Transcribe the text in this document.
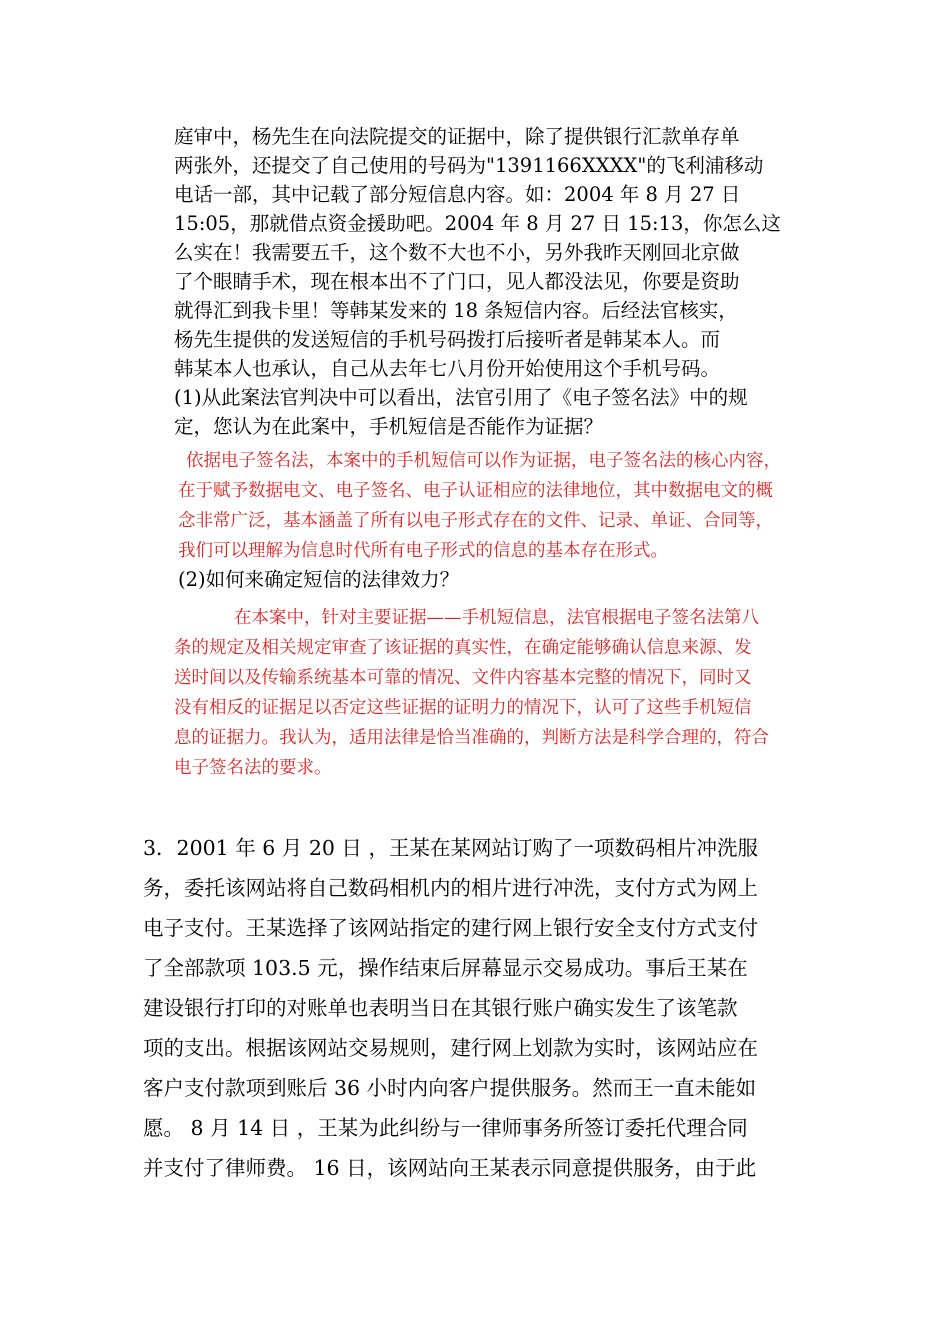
庭审中，杨先生在向法院提交的证据中，除了提供银行汇款单存单
两张外，还提交了自己使用的号码为"1391166XXXX"的飞利浦移动
电话一部，其中记载了部分短信息内容。如：2004 年 8 月 27 日
15:05，那就借点资金援助吧。2004 年 8 月 27 日 15:13，你怎么这
么实在！我需要五千，这个数不大也不小，另外我昨天刚回北京做
了个眼睛手术，现在根本出不了门口，见人都没法见，你要是资助
就得汇到我卡里！等韩某发来的 18 条短信内容。后经法官核实，
杨先生提供的发送短信的手机号码拨打后接听者是韩某本人。而
韩某本人也承认，自己从去年七八月份开始使用这个手机号码。
(1)从此案法官判决中可以看出，法官引用了《电子签名法》中的规
定，您认为在此案中，手机短信是否能作为证据？
依据电子签名法，本案中的手机短信可以作为证据，电子签名法的核心内容，
在于赋予数据电文、电子签名、电子认证相应的法律地位，其中数据电文的概
念非常广泛，基本涵盖了所有以电子形式存在的文件、记录、单证、合同等，
我们可以理解为信息时代所有电子形式的信息的基本存在形式。
(2)如何来确定短信的法律效力？
在本案中，针对主要证据——手机短信息，法官根据电子签名法第八
条的规定及相关规定审查了该证据的真实性，在确定能够确认信息来源、发
送时间以及传输系统基本可靠的情况、文件内容基本完整的情况下，同时又
没有相反的证据足以否定这些证据的证明力的情况下，认可了这些手机短信
息的证据力。我认为，适用法律是恰当准确的，判断方法是科学合理的，符合
电子签名法的要求。
3．2001 年 6 月 20 日 ，王某在某网站订购了一项数码相片冲洗服
务，委托该网站将自己数码相机内的相片进行冲洗，支付方式为网上
电子支付。王某选择了该网站指定的建行网上银行安全支付方式支付
了全部款项 103.5 元，操作结束后屏幕显示交易成功。事后王某在
建设银行打印的对账单也表明当日在其银行账户确实发生了该笔款
项的支出。根据该网站交易规则，建行网上划款为实时，该网站应在
客户支付款项到账后 36 小时内向客户提供服务。然而王一直未能如
愿。 8 月 14 日 ，王某为此纠纷与一律师事务所签订委托代理合同
并支付了律师费。 16 日，该网站向王某表示同意提供服务，由于此
